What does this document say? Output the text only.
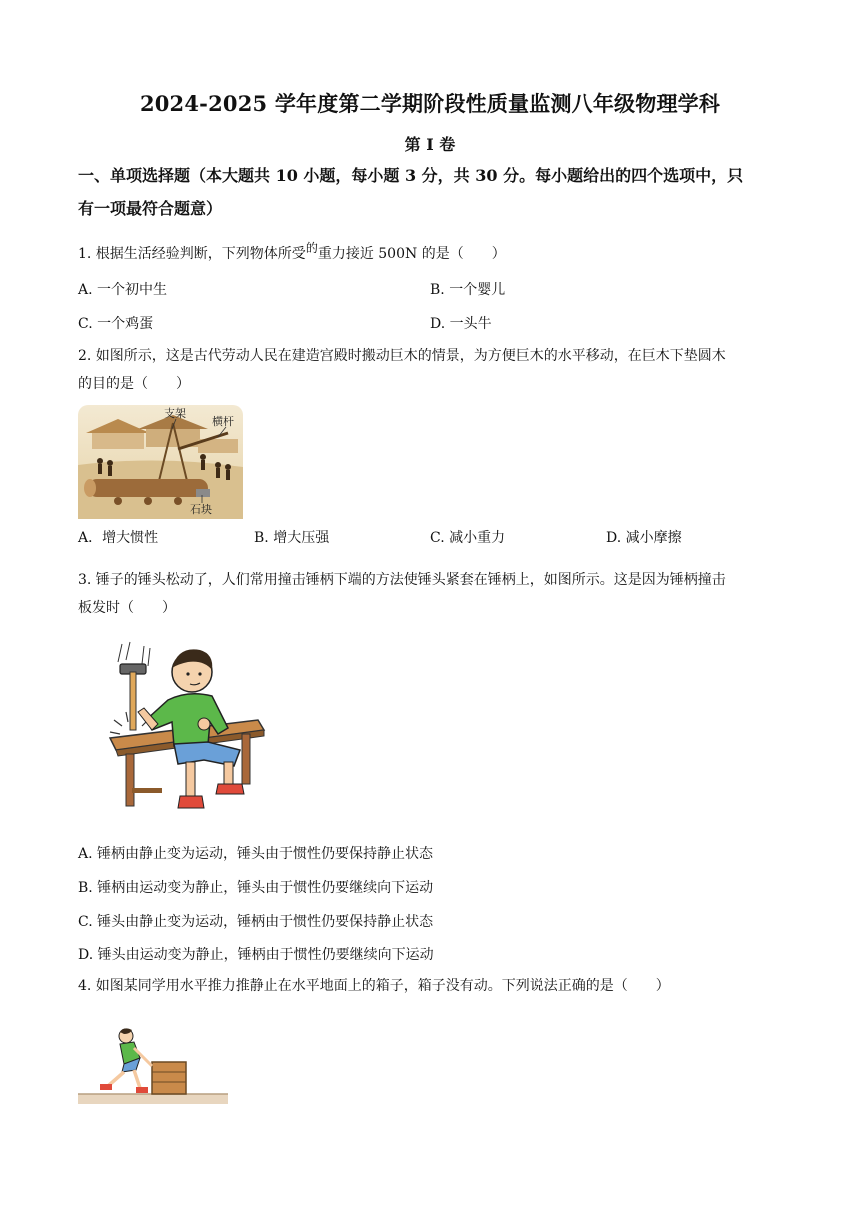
2024-2025 学年度第二学期阶段性质量监测八年级物理学科
第 I 卷
一、单项选择题（本大题共 10 小题，每小题 3 分，共 30 分。每小题给出的四个选项中，只
有一项最符合题意）
1. 根据生活经验判断，下列物体所受的重力接近 500N 的是（　　）
A. 一个初中生	B. 一个婴儿
C. 一个鸡蛋	D. 一头牛
2. 如图所示，这是古代劳动人民在建造宫殿时搬动巨木的情景，为方便巨木的水平移动，在巨木下垫圆木
的目的是（　　）
支架
横杆
石块
A．增大惯性	B. 增大压强	C. 减小重力	D. 减小摩擦
3. 锤子的锤头松动了，人们常用撞击锤柄下端的方法使锤头紧套在锤柄上，如图所示。这是因为锤柄撞击
板发时（　　）
A. 锤柄由静止变为运动，锤头由于惯性仍要保持静止状态
B. 锤柄由运动变为静止，锤头由于惯性仍要继续向下运动
C. 锤头由静止变为运动，锤柄由于惯性仍要保持静止状态
D. 锤头由运动变为静止，锤柄由于惯性仍要继续向下运动
4. 如图某同学用水平推力推静止在水平地面上的箱子，箱子没有动。下列说法正确的是（　　）
